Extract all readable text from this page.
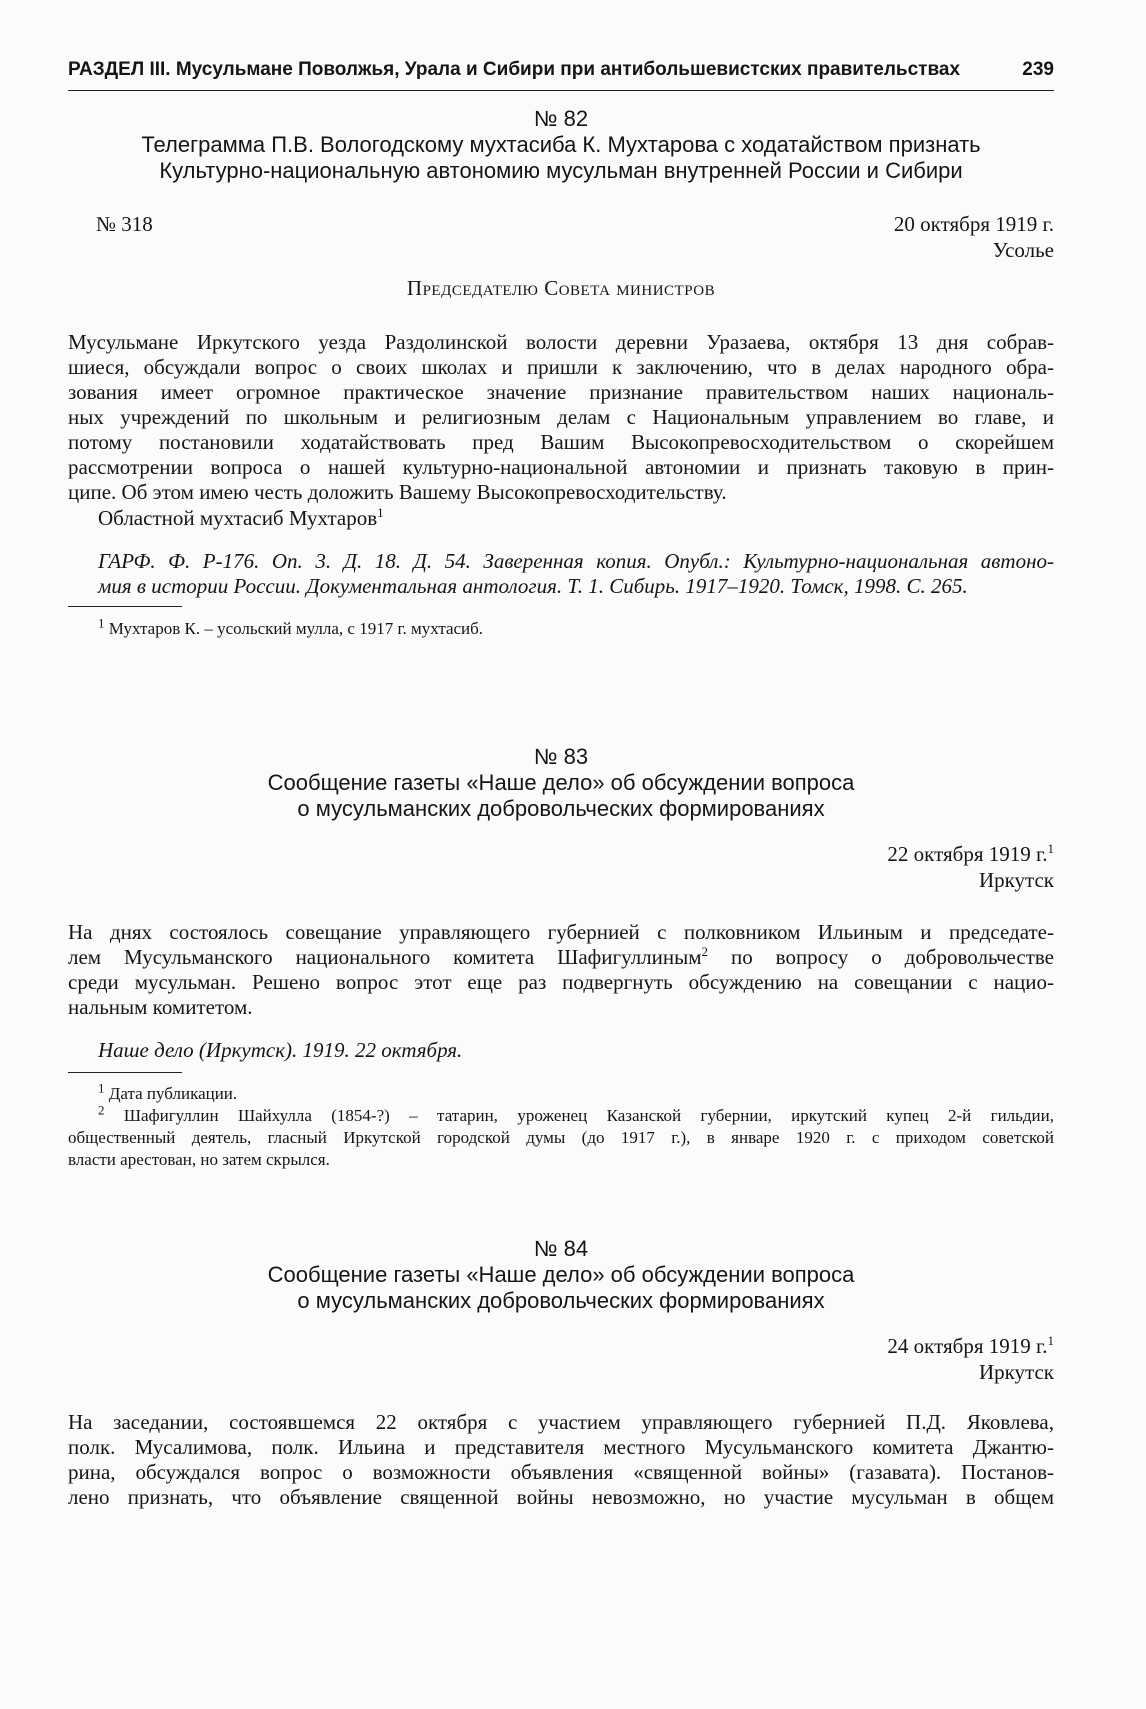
РАЗДЕЛ III. Мусульмане Поволжья, Урала и Сибири при антибольшевистских правительствах	239
№ 82
Телеграмма П.В. Вологодскому мухтасиба К. Мухтарова с ходатайством признать
Культурно-национальную автономию мусульман внутренней России и Сибири
№ 318	20 октября 1919 г.
Усолье
Председателю Совета министров
Мусульмане Иркутского уезда Раздолинской волости деревни Уразаева, октября 13 дня собрав-
шиеся, обсуждали вопрос о своих школах и пришли к заключению, что в делах народного обра-
зования имеет огромное практическое значение признание правительством наших националь-
ных учреждений по школьным и религиозным делам с Национальным управлением во главе, и
потому постановили ходатайствовать пред Вашим Высокопревосходительством о скорейшем
рассмотрении вопроса о нашей культурно-национальной автономии и признать таковую в прин-
ципе. Об этом имею честь доложить Вашему Высокопревосходительству.
Областной мухтасиб Мухтаров$^1$
ГАРФ. Ф. Р-176. Оп. 3. Д. 18. Д. 54. Заверенная копия. Опубл.: Культурно-национальная автоно-
мия в истории России. Документальная антология. Т. 1. Сибирь. 1917–1920. Томск, 1998. С. 265.
$^1$ Мухтаров К. – усольский мулла, с 1917 г. мухтасиб.
№ 83
Сообщение газеты «Наше дело» об обсуждении вопроса
о мусульманских добровольческих формированиях
22 октября 1919 г.$^1$
Иркутск
На днях состоялось совещание управляющего губернией с полковником Ильиным и председате-
лем Мусульманского национального комитета Шафигуллиным$^2$ по вопросу о добровольчестве
среди мусульман. Решено вопрос этот еще раз подвергнуть обсуждению на совещании с нацио-
нальным комитетом.
Наше дело (Иркутск). 1919. 22 октября.
$^1$ Дата публикации.
$^2$ Шафигуллин Шайхулла (1854-?) – татарин, уроженец Казанской губернии, иркутский купец 2-й гильдии,
общественный деятель, гласный Иркутской городской думы (до 1917 г.), в январе 1920 г. с приходом советской
власти арестован, но затем скрылся.
№ 84
Сообщение газеты «Наше дело» об обсуждении вопроса
о мусульманских добровольческих формированиях
24 октября 1919 г.$^1$
Иркутск
На заседании, состоявшемся 22 октября с участием управляющего губернией П.Д. Яковлева,
полк. Мусалимова, полк. Ильина и представителя местного Мусульманского комитета Джантю-
рина, обсуждался вопрос о возможности объявления «священной войны» (газавата). Постанов-
лено признать, что объявление священной войны невозможно, но участие мусульман в общем
